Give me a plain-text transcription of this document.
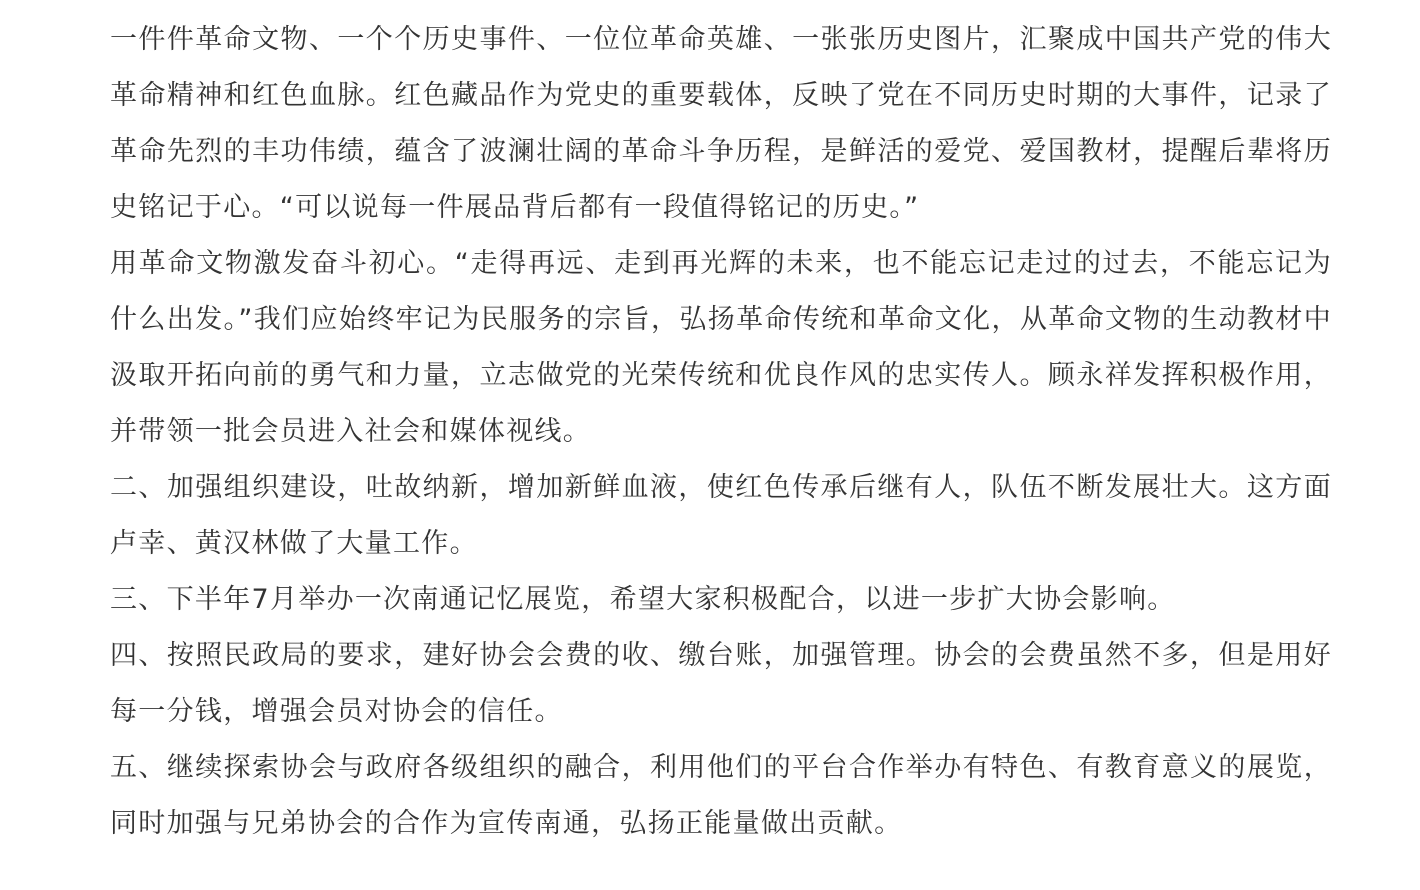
一件件革命文物、一个个历史事件、一位位革命英雄、一张张历史图片，汇聚成中国共产党的伟大革命精神和红色血脉。红色藏品作为党史的重要载体，反映了党在不同历史时期的大事件，记录了革命先烈的丰功伟绩，蕴含了波澜壮阔的革命斗争历程，是鲜活的爱党、爱国教材，提醒后辈将历史铭记于心。“可以说每一件展品背后都有一段值得铭记的历史。”

用革命文物激发奋斗初心。“走得再远、走到再光辉的未来，也不能忘记走过的过去，不能忘记为什么出发。”我们应始终牢记为民服务的宗旨，弘扬革命传统和革命文化，从革命文物的生动教材中汲取开拓向前的勇气和力量，立志做党的光荣传统和优良作风的忠实传人。顾永祥发挥积极作用，并带领一批会员进入社会和媒体视线。

二、加强组织建设，吐故纳新，增加新鲜血液，使红色传承后继有人，队伍不断发展壮大。这方面卢幸、黄汉林做了大量工作。

三、下半年7月举办一次南通记忆展览，希望大家积极配合，以进一步扩大协会影响。

四、按照民政局的要求，建好协会会费的收、缴台账，加强管理。协会的会费虽然不多，但是用好每一分钱，增强会员对协会的信任。

五、继续探索协会与政府各级组织的融合，利用他们的平台合作举办有特色、有教育意义的展览，同时加强与兄弟协会的合作为宣传南通，弘扬正能量做出贡献。
